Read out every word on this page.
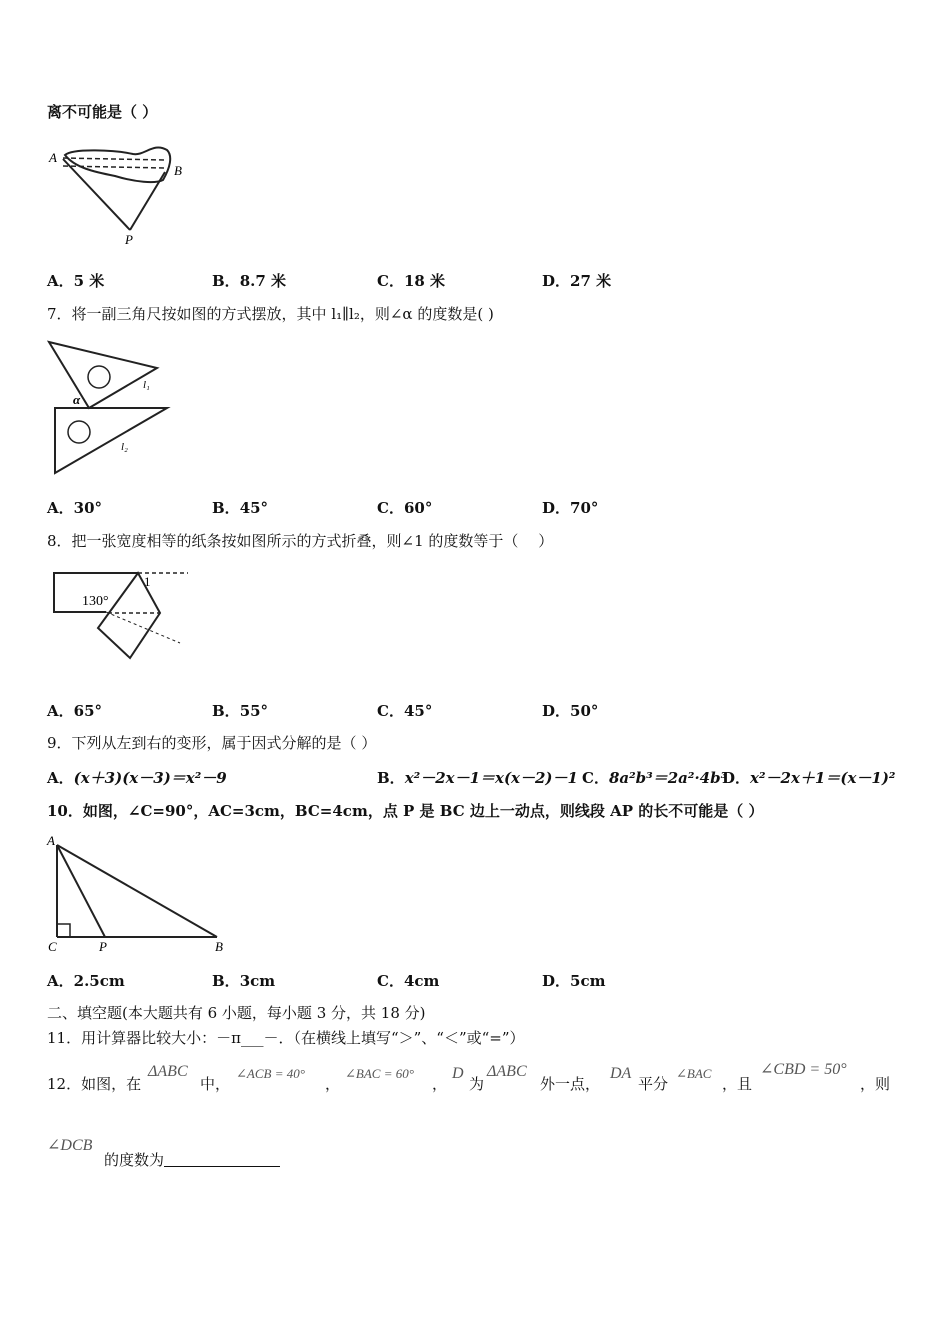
离不可能是（ ）
A
B
P
A．5 米	B．8.7 米	C．18 米	D．27 米
7．将一副三角尺按如图的方式摆放，其中 l₁∥l₂，则∠α 的度数是( )
α
l₁
l₂
A．30°	B．45°	C．60°	D．70°
8．把一张宽度相等的纸条按如图所示的方式折叠，则∠1 的度数等于（　 ）
130°
1
A．65°	B．55°	C．45°	D．50°
9．下列从左到右的变形，属于因式分解的是（ ）
A．(x＋3)(x－3)＝x²－9	B．x²－2x－1＝x(x－2)－1 C．8a²b³＝2a²·4b³
D．x²－2x＋1＝(x－1)²
10．如图，∠C=90°，AC=3cm，BC=4cm，点 P 是 BC 边上一动点，则线段 AP 的长不可能是（ ）
A
C	P	B
A．2.5cm	B．3cm	C．4cm	D．5cm
二、填空题(本大题共有 6 小题，每小题 3 分，共 18 分)
11．用计算器比较大小：－π___－．（在横线上填写“＞”、“＜”或“=”）
12．如图，在
ΔABC
中，
∠ACB = 40°
，
∠BAC = 60°
，
D
为
ΔABC
外一点，
DA
平分
∠BAC
，且
∠CBD = 50°
，则
∠DCB
的度数为
